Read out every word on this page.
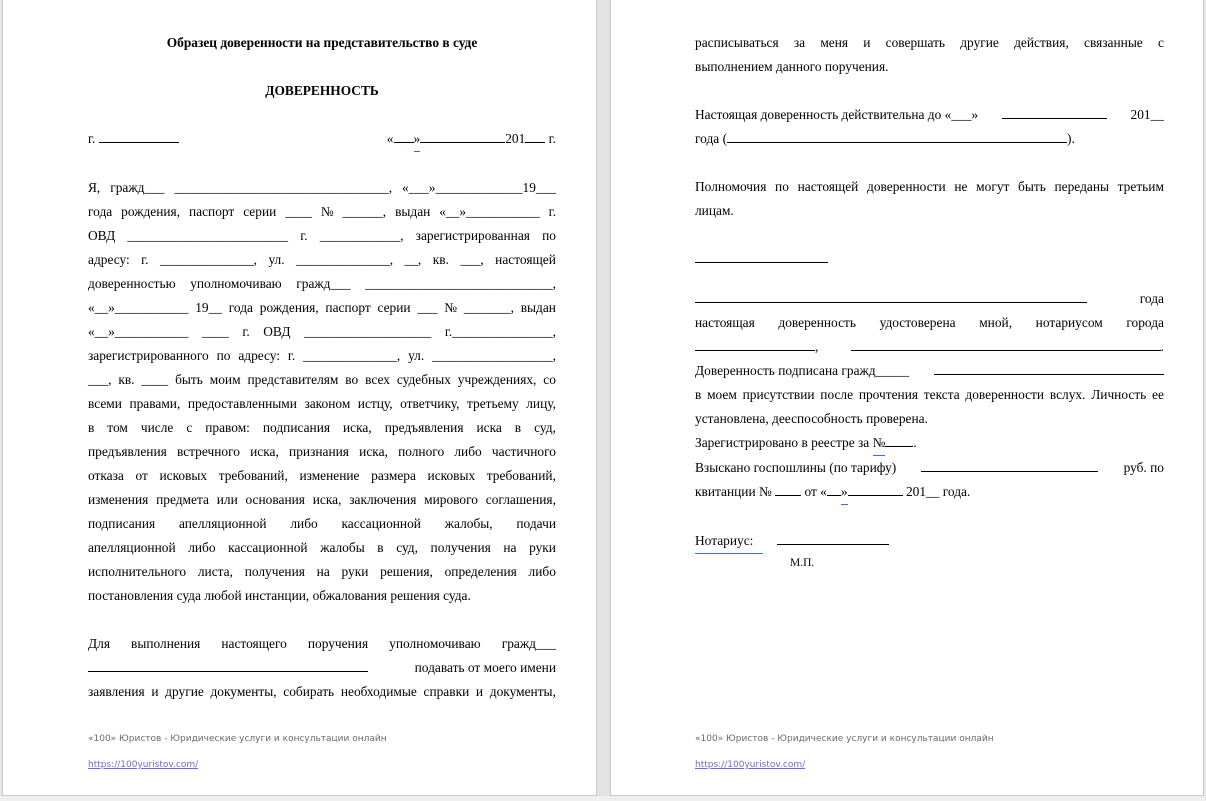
Образец доверенности на представительство в суде

ДОВЕРЕННОСТЬ

г.	« »	201 г.
Я, гражд___ ________________________________, «___»_____________19___
года рождения, паспорт серии ____ № ______, выдан «__»___________ г.
ОВД ________________________ г. ____________, зарегистрированная по
адресу: г. ______________, ул. ______________, __, кв. ___, настоящей
доверенностью уполномочиваю гражд___ ____________________________,
«__»___________ 19__ года рождения, паспорт серии ___ № _______, выдан
«__»___________ ____ г. ОВД ___________________ г._______________,
зарегистрированного по адресу: г. ______________, ул. __________________,
___, кв. ____ быть моим представителям во всех судебных учреждениях, со
всеми правами, предоставленными законом истцу, ответчику, третьему лицу,
в том числе с правом: подписания иска, предъявления иска в суд,
предъявления встречного иска, признания иска, полного либо частичного
отказа от исковых требований, изменение размера исковых требований,
изменения предмета или основания иска, заключения мирового соглашения,
подписания апелляционной либо кассационной жалобы, подачи
апелляционной либо кассационной жалобы в суд, получения на руки
исполнительного листа, получения на руки решения, определения либо
постановления суда любой инстанции, обжалования решения суда.
Для выполнения настоящего поручения уполномочиваю гражд___
подавать от моего имени
заявления и другие документы, собирать необходимые справки и документы,
«100» Юристов - Юридические услуги и консультации онлайн
https://100yuristov.com/
расписываться за меня и совершать другие действия, связанные с
выполнением данного поручения.
Настоящая доверенность действительна до «___»	201__
года (	).
Полномочия по настоящей доверенности не могут быть переданы третьим
лицам.
года
настоящая доверенность удостоверена мной, нотариусом города
,	.
Доверенность подписана гражд_____
в моем присутствии после прочтения текста доверенности вслух. Личность ее
установлена, дееспособность проверена.
Зарегистрировано в реестре за
№ .
Взыскано госпошлины (по тарифу)	руб. по
квитанции №

от « »
	201__ года.
Нотариус:
М.П.
«100» Юристов - Юридические услуги и консультации онлайн
https://100yuristov.com/
